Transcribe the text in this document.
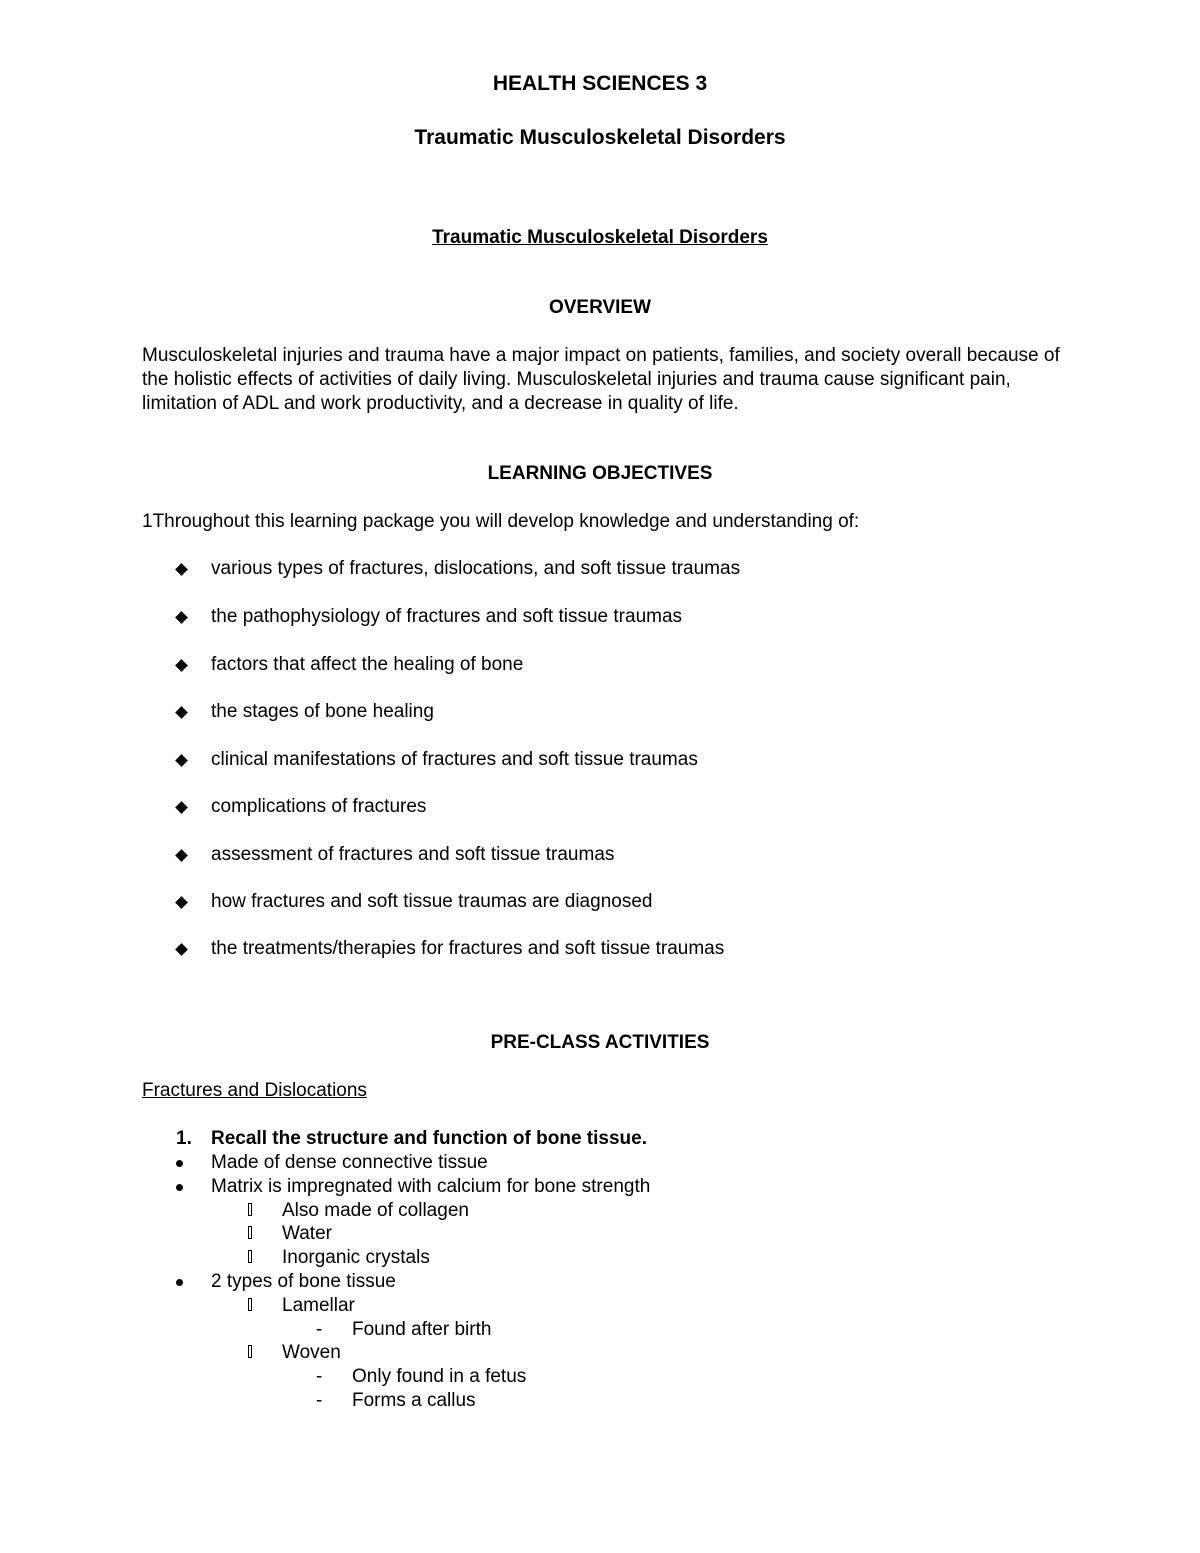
HEALTH SCIENCES 3
Traumatic Musculoskeletal Disorders
Traumatic Musculoskeletal Disorders
OVERVIEW
Musculoskeletal injuries and trauma have a major impact on patients, families, and society overall because of the holistic effects of activities of daily living. Musculoskeletal injuries and trauma cause significant pain, limitation of ADL and work productivity, and a decrease in quality of life.
LEARNING OBJECTIVES
1Throughout this learning package you will develop knowledge and understanding of:
various types of fractures, dislocations, and soft tissue traumas
the pathophysiology of fractures and soft tissue traumas
factors that affect the healing of bone
the stages of bone healing
clinical manifestations of fractures and soft tissue traumas
complications of fractures
assessment of fractures and soft tissue traumas
how fractures and soft tissue traumas are diagnosed
the treatments/therapies for fractures and soft tissue traumas
PRE-CLASS ACTIVITIES
Fractures and Dislocations
1. Recall the structure and function of bone tissue.
Made of dense connective tissue
Matrix is impregnated with calcium for bone strength
Also made of collagen
Water
Inorganic crystals
2 types of bone tissue
Lamellar
- Found after birth
Woven
- Only found in a fetus
- Forms a callus
